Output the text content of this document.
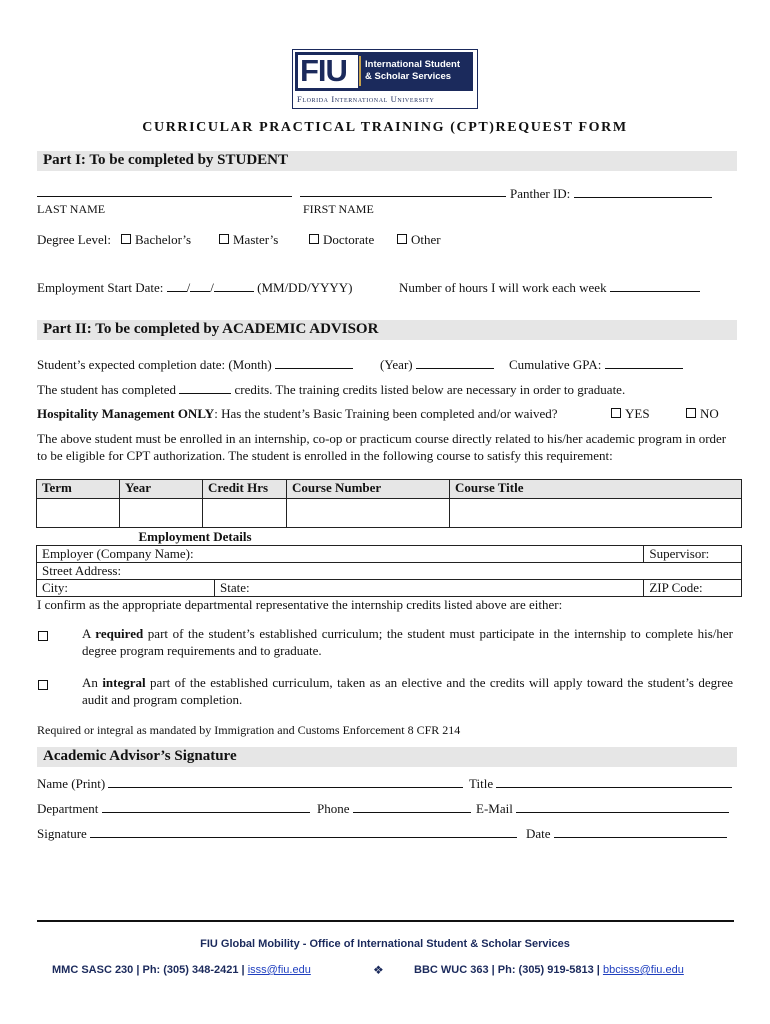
FIU International Student
& Scholar Services
Florida International University
CURRICULAR PRACTICAL TRAINING (CPT)REQUEST FORM
Part I: To be completed by STUDENT
Panther ID:
LAST NAME	FIRST NAME
Degree Level:	Bachelor’s	Master’s	Doctorate	Other
Employment Start Date: / /	(MM/DD/YYYY)	Number of hours I will work each week
Part II: To be completed by ACADEMIC ADVISOR
Student’s expected completion date: (Month)	(Year)	Cumulative GPA:
The student has completed	credits. The training credits listed below are necessary in order to graduate.
Hospitality Management ONLY: Has the student’s Basic Training been completed and/or waived?	YES	NO
The above student must be enrolled in an internship, co-op or practicum course directly related to his/her academic program in order to be eligible for CPT authorization. The student is enrolled in the following course to satisfy this requirement:
Term	Year	Credit Hrs	Course Number	Course Title

Employment Details
Employer (Company Name):		Supervisor:
Street Address:		
City:	State:	ZIP Code:
I confirm as the appropriate departmental representative the internship credits listed above are either:
A required part of the student’s established curriculum; the student must participate in the internship to complete his/her degree program requirements and to graduate.
An integral part of the established curriculum, taken as an elective and the credits will apply toward the student’s degree audit and program completion.
Required or integral as mandated by Immigration and Customs Enforcement 8 CFR 214
Academic Advisor’s Signature
Name (Print)	Title
Department	Phone	E-Mail
Signature	Date
FIU Global Mobility - Office of International Student & Scholar Services
MMC SASC 230 | Ph: (305) 348-2421 | isss@fiu.edu	❖	BBC WUC 363 | Ph: (305) 919-5813 | bbcisss@fiu.edu
